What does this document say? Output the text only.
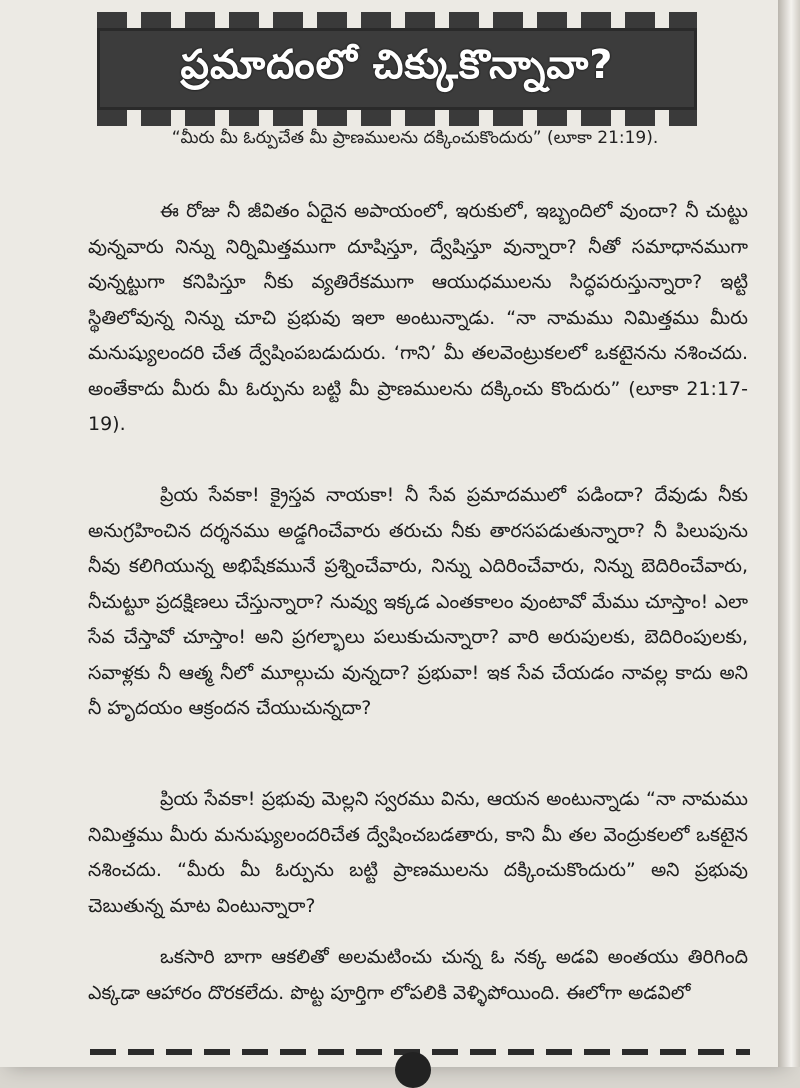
ప్రమాదంలో చిక్కుకొన్నావా?
“మీరు మీ ఓర్పుచేత మీ ప్రాణములను దక్కించుకొందురు” (లూకా 21:19).
ఈ రోజు నీ జీవితం ఏదైన అపాయంలో, ఇరుకులో, ఇబ్బందిలో వుందా? నీ చుట్టు వున్నవారు నిన్ను నిర్నిమిత్తముగా దూషిస్తూ, ద్వేషిస్తూ వున్నారా? నీతో సమాధానముగా వున్నట్టుగా కనిపిస్తూ నీకు వ్యతిరేకముగా ఆయుధములను సిద్ధపరుస్తున్నారా? ఇట్టి స్థితిలోవున్న నిన్ను చూచి ప్రభువు ఇలా అంటున్నాడు. “నా నామము నిమిత్తము మీరు మనుష్యులందరి చేత ద్వేషింపబడుదురు. ‘గాని’ మీ తలవెంట్రుకలలో ఒకటైనను నశించదు. అంతేకాదు మీరు మీ ఓర్పును బట్టి మీ ప్రాణములను దక్కించు కొందురు” (లూకా 21:17-19).
ప్రియ సేవకా! క్రైస్తవ నాయకా! నీ సేవ ప్రమాదములో పడిందా? దేవుడు నీకు అనుగ్రహించిన దర్శనము అడ్డగించేవారు తరుచు నీకు తారసపడుతున్నారా? నీ పిలుపును నీవు కలిగియున్న అభిషేకమునే ప్రశ్నించేవారు, నిన్ను ఎదిరించేవారు, నిన్ను బెదిరించేవారు, నీచుట్టూ ప్రదక్షిణలు చేస్తున్నారా? నువ్వు ఇక్కడ ఎంతకాలం వుంటావో మేము చూస్తాం! ఎలా సేవ చేస్తావో చూస్తాం! అని ప్రగల్భాలు పలుకుచున్నారా? వారి అరుపులకు, బెదిరింపులకు, సవాళ్లకు నీ ఆత్మ నీలో మూల్గుచు వున్నదా? ప్రభువా! ఇక సేవ చేయడం నావల్ల కాదు అని నీ హృదయం ఆక్రందన చేయుచున్నదా?
ప్రియ సేవకా! ప్రభువు మెల్లని స్వరము విను, ఆయన అంటున్నాడు “నా నామము నిమిత్తము మీరు మనుష్యులందరిచేత ద్వేషించబడతారు, కాని మీ తల వెంద్రుకలలో ఒకటైన నశించదు. “మీరు మీ ఓర్పును బట్టి ప్రాణములను దక్కించుకొందురు” అని ప్రభువు చెబుతున్న మాట వింటున్నారా?
ఒకసారి బాగా ఆకలితో అలమటించు చున్న ఓ నక్క అడవి అంతయు తిరిగింది ఎక్కడా ఆహారం దొరకలేదు. పొట్ట పూర్తిగా లోపలికి వెళ్ళిపోయింది. ఈలోగా అడవిలో
